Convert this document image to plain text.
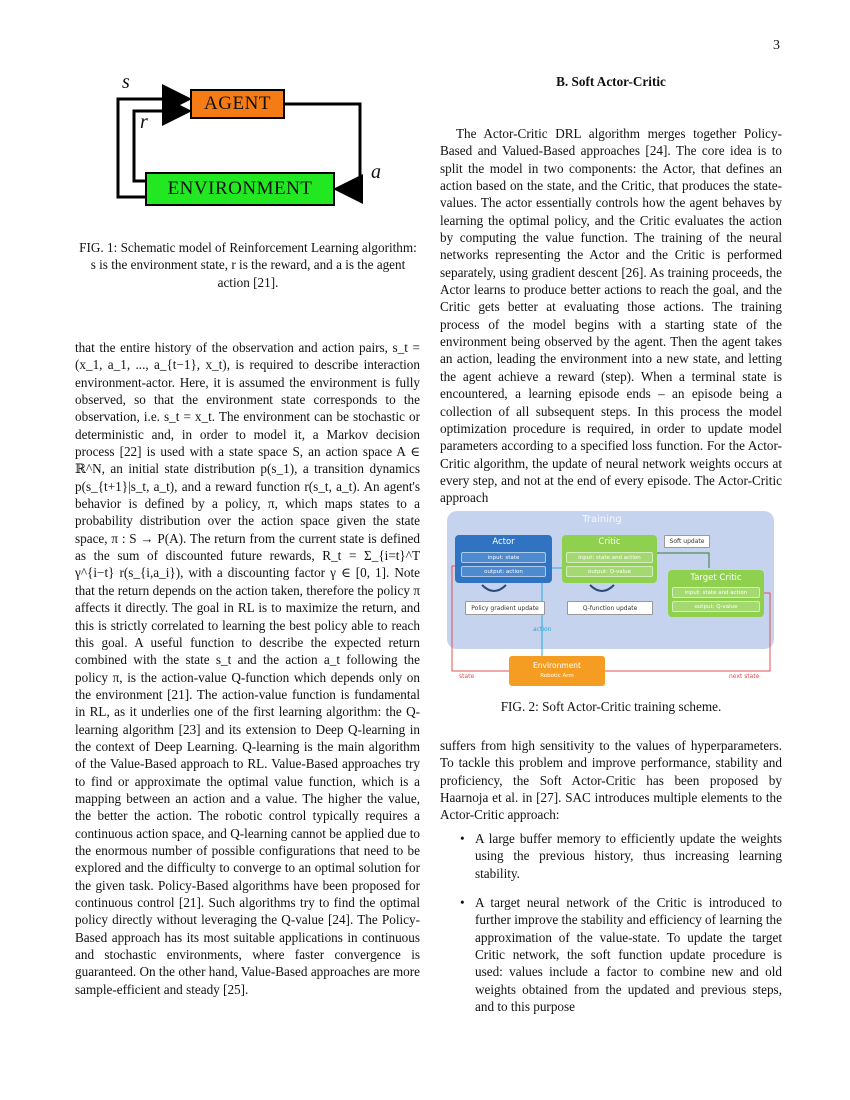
3
AGENT
ENVIRONMENT
s
r
a
FIG. 1: Schematic model of Reinforcement Learning algorithm: s is the environment state, r is the reward, and a is the agent action [21].

that the entire history of the observation and action pairs, s_t = (x_1, a_1, ..., a_{t−1}, x_t), is required to describe interaction environment-actor. Here, it is assumed the environment is fully observed, so that the environment state corresponds to the observation, i.e. s_t = x_t. The environment can be stochastic or deterministic and, in order to model it, a Markov decision process [22] is used with a state space S, an action space A ∈ ℝ^N, an initial state distribution p(s_1), a transition dynamics p(s_{t+1}|s_t, a_t), and a reward function r(s_t, a_t). An agent's behavior is defined by a policy, π, which maps states to a probability distribution over the action space given the state space, π : S → P(A). The return from the current state is defined as the sum of discounted future rewards, R_t = Σ_{i=t}^T γ^{i−t} r(s_{i,a_i}), with a discounting factor γ ∈ [0, 1]. Note that the return depends on the action taken, therefore the policy π affects it directly. The goal in RL is to maximize the return, and this is strictly correlated to learning the best policy able to reach this goal. A useful function to describe the expected return combined with the state s_t and the action a_t following the policy π, is the action-value Q-function which depends only on the environment [21]. The action-value function is fundamental in RL, as it underlies one of the first learning algorithm: the Q-learning algorithm [23] and its extension to Deep Q-learning in the context of Deep Learning. Q-learning is the main algorithm of the Value-Based approach to RL. Value-Based approaches try to find or approximate the optimal value function, which is a mapping between an action and a value. The higher the value, the better the action. The robotic control typically requires a continuous action space, and Q-learning cannot be applied due to the enormous number of possible configurations that need to be explored and the difficulty to converge to an optimal solution for the given task. Policy-Based algorithms have been proposed for continuous control [21]. Such algorithms try to find the optimal policy directly without leveraging the Q-value [24]. The Policy-Based approach has its most suitable applications in continuous and stochastic environments, where faster convergence is guaranteed. On the other hand, Value-Based approaches are more sample-efficient and steady [25].

B. Soft Actor-Critic

The Actor-Critic DRL algorithm merges together Policy-Based and Valued-Based approaches [24]. The core idea is to split the model in two components: the Actor, that defines an action based on the state, and the Critic, that produces the state-values. The actor essentially controls how the agent behaves by learning the optimal policy, and the Critic evaluates the action by computing the value function. The training of the neural networks representing the Actor and the Critic is performed separately, using gradient descent [26]. As training proceeds, the Actor learns to produce better actions to reach the goal, and the Critic gets better at evaluating those actions. The training process of the model begins with a starting state of the environment being observed by the agent. Then the agent takes an action, leading the environment into a new state, and letting the agent achieve a reward (step). When a terminal state is encountered, a learning episode ends – an episode being a collection of all subsequent steps. In this process the model optimization procedure is required, in order to update model parameters according to a specified loss function. For the Actor-Critic algorithm, the update of neural network weights occurs at every step, and not at the end of every episode. The Actor-Critic approach

Training
Actor
input: state
output: action
Critic
input: state and action
output: Q-value
Soft update
Target Critic
input: state and action
output: Q-value
Policy gradient update	Q-function update
action
Environment
Robotic Arm
state	next state
FIG. 2: Soft Actor-Critic training scheme.

suffers from high sensitivity to the values of hyperparameters. To tackle this problem and improve performance, stability and proficiency, the Soft Actor-Critic has been proposed by Haarnoja et al. in [27]. SAC introduces multiple elements to the Actor-Critic approach:

• A large buffer memory to efficiently update the weights using the previous history, thus increasing learning stability.
• A target neural network of the Critic is introduced to further improve the stability and efficiency of learning the approximation of the value-state. To update the target Critic network, the soft function update procedure is used: values include a factor to combine new and old weights obtained from the updated and previous steps, and to this purpose
